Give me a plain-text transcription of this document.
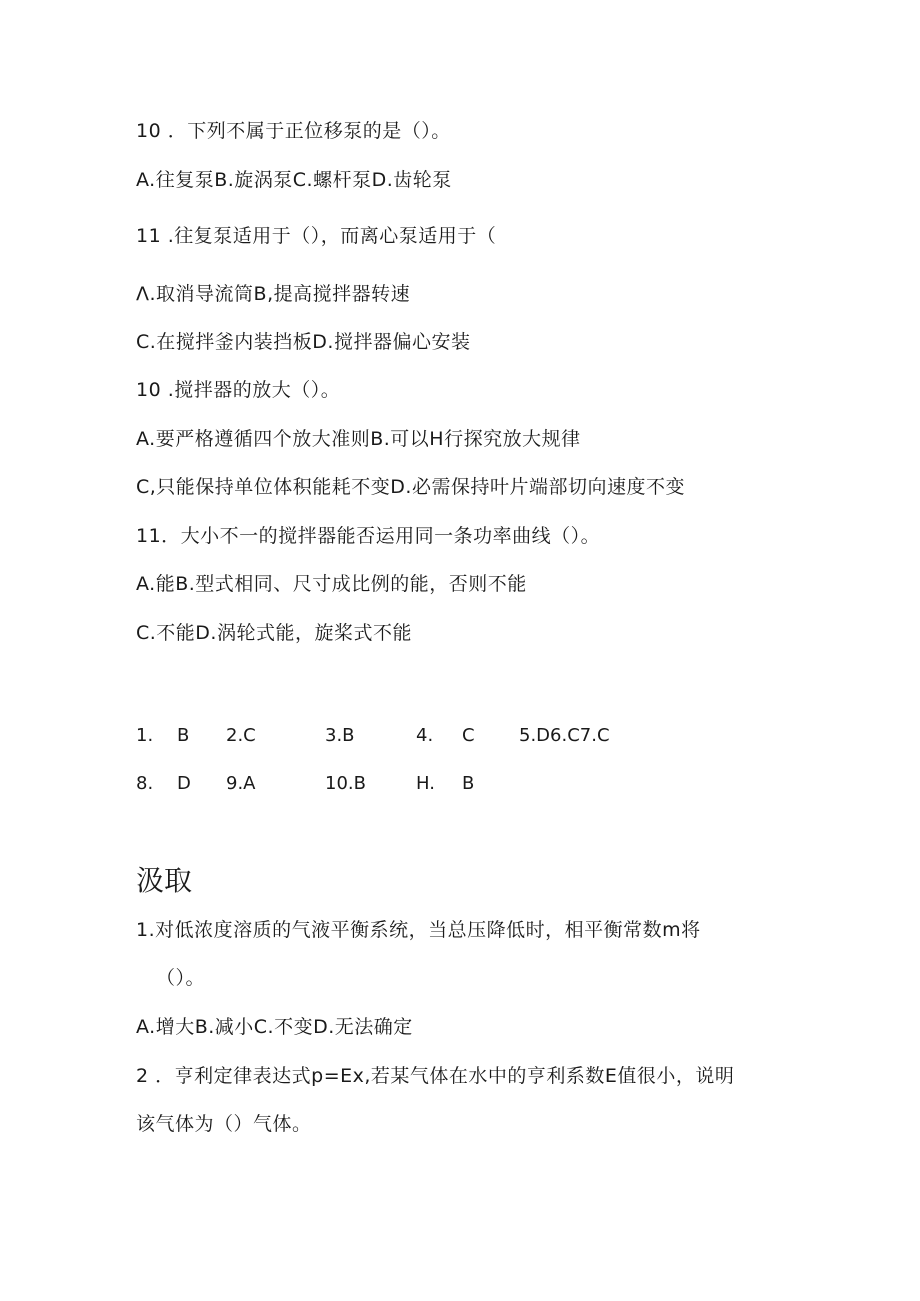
10 ．下列不属于正位移泵的是（）。
A.往复泵B.旋涡泵C.螺杆泵D.齿轮泵
11 .往复泵适用于（），而离心泵适用于（
Λ.取消导流筒B,提高搅拌器转速
C.在搅拌釜内装挡板D.搅拌器偏心安装
10 .搅拌器的放大（）。
A.要严格遵循四个放大准则B.可以H行探究放大规律
C,只能保持单位体积能耗不变D.必需保持叶片端部切向速度不变
11．大小不一的搅拌器能否运用同一条功率曲线（）。
A.能B.型式相同、尺寸成比例的能，否则不能
C.不能D.涡轮式能，旋桨式不能
1. B 2.C	3.B	4. C 5.D6.C7.C
8. D 9.A	10.B	H. B
汲取
1.对低浓度溶质的气液平衡系统，当总压降低时，相平衡常数m将
（）。
A.增大B.减小C.不变D.无法确定
2 ．亨利定律表达式p=Ex,若某气体在水中的亨利系数E值很小，说明
该气体为（）气体。
